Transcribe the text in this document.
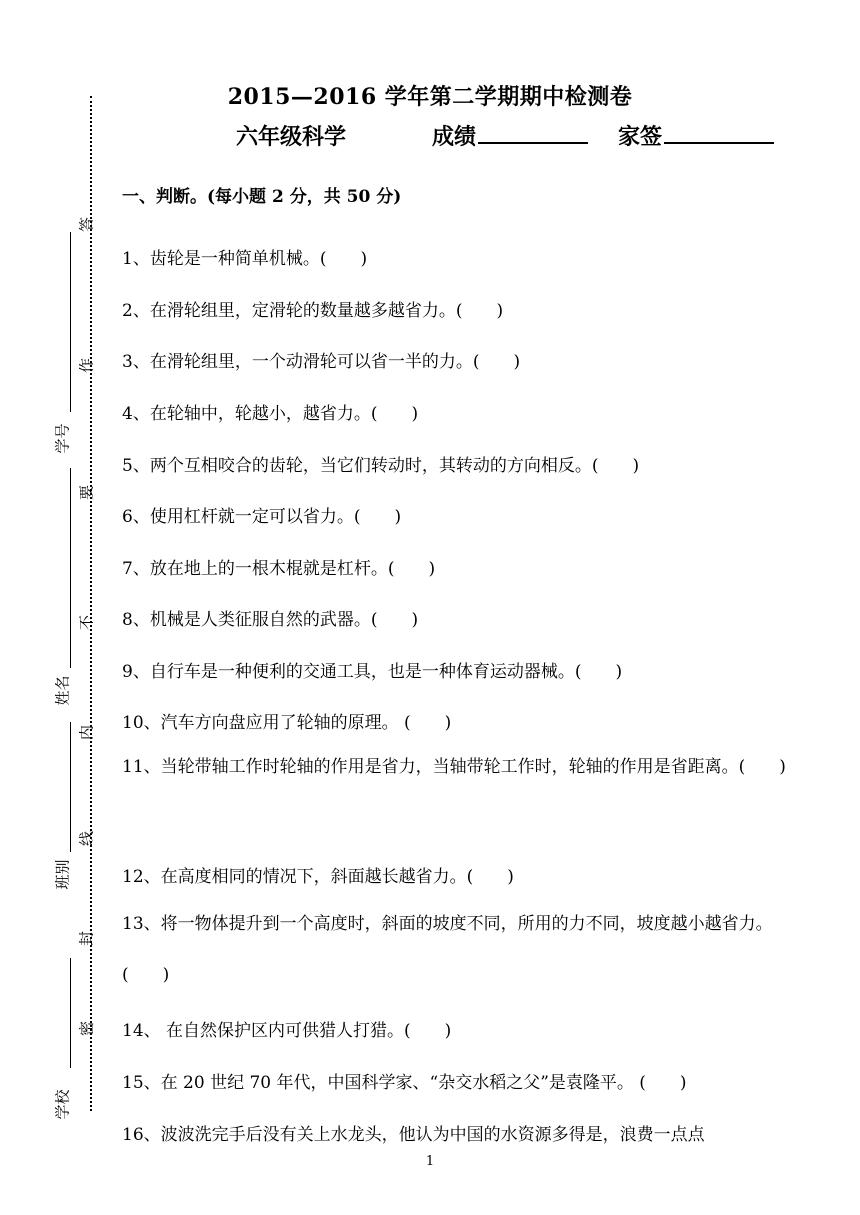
答
作
要
不
内
线
封
密
学号
姓名
班别
学校
2015—2016 学年第二学期期中检测卷
六年级科学	成绩	家签
一、判断。(每小题 2 分，共 50 分)
1、齿轮是一种简单机械。(　　)
2、在滑轮组里，定滑轮的数量越多越省力。(　　)
3、在滑轮组里，一个动滑轮可以省一半的力。(　　)
4、在轮轴中，轮越小，越省力。(　　)
5、两个互相咬合的齿轮，当它们转动时，其转动的方向相反。(　　)
6、使用杠杆就一定可以省力。(　　)
7、放在地上的一根木棍就是杠杆。(　　)
8、机械是人类征服自然的武器。(　　)
9、自行车是一种便利的交通工具，也是一种体育运动器械。(　　)
10、汽车方向盘应用了轮轴的原理。 (　　)
11、当轮带轴工作时轮轴的作用是省力，当轴带轮工作时，轮轴的作用是省距离。(　　)
12、在高度相同的情况下，斜面越长越省力。(　　)
13、将一物体提升到一个高度时，斜面的坡度不同，所用的力不同，坡度越小越省力。(　　)
14、 在自然保护区内可供猎人打猎。(　　)
15、在 20 世纪 70 年代，中国科学家、“杂交水稻之父”是袁隆平。 (　　)
16、波波洗完手后没有关上水龙头，他认为中国的水资源多得是，浪费一点点
1
